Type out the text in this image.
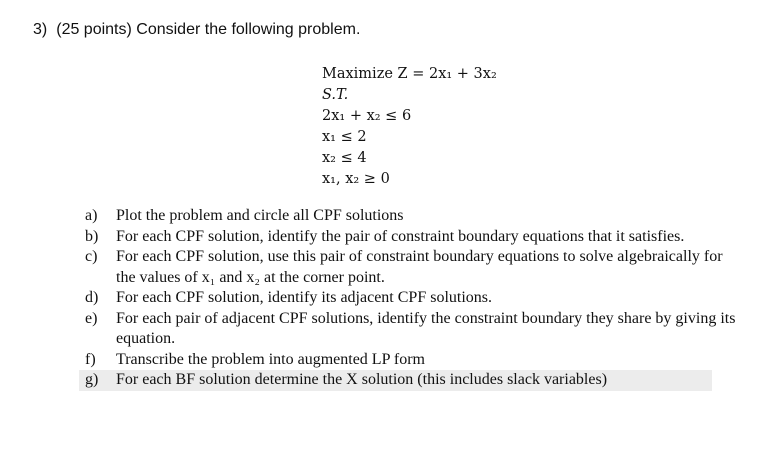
3) (25 points) Consider the following problem.
Maximize Z = 2x₁ + 3x₂
S.T.
2x₁ + x₂ ≤ 6
x₁ ≤ 2
x₂ ≤ 4
x₁, x₂ ≥ 0
a) Plot the problem and circle all CPF solutions
b) For each CPF solution, identify the pair of constraint boundary equations that it satisfies.
c) For each CPF solution, use this pair of constraint boundary equations to solve algebraically for the values of x₁ and x₂ at the corner point.
d) For each CPF solution, identify its adjacent CPF solutions.
e) For each pair of adjacent CPF solutions, identify the constraint boundary they share by giving its equation.
f) Transcribe the problem into augmented LP form
g) For each BF solution determine the X solution (this includes slack variables)
